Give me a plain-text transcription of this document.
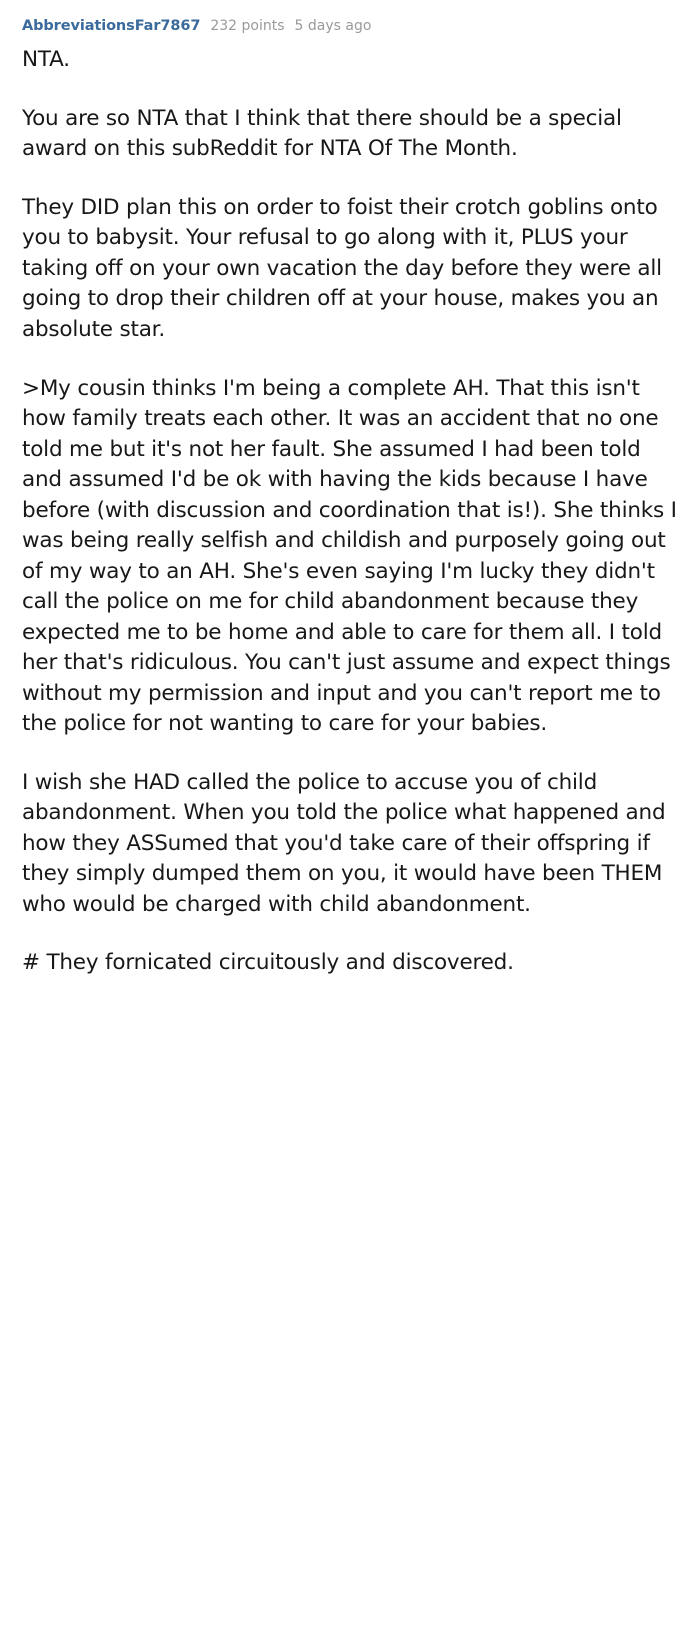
AbbreviationsFar7867 232 points 5 days ago

NTA.

You are so NTA that I think that there should be a special award on this subReddit for NTA Of The Month.

They DID plan this on order to foist their crotch goblins onto you to babysit. Your refusal to go along with it, PLUS your taking off on your own vacation the day before they were all going to drop their children off at your house, makes you an absolute star.

>My cousin thinks I'm being a complete AH. That this isn't how family treats each other. It was an accident that no one told me but it's not her fault. She assumed I had been told and assumed I'd be ok with having the kids because I have before (with discussion and coordination that is!). She thinks I was being really selfish and childish and purposely going out of my way to an AH. She's even saying I'm lucky they didn't call the police on me for child abandonment because they expected me to be home and able to care for them all. I told her that's ridiculous. You can't just assume and expect things without my permission and input and you can't report me to the police for not wanting to care for your babies.

I wish she HAD called the police to accuse you of child abandonment. When you told the police what happened and how they ASSumed that you'd take care of their offspring if they simply dumped them on you, it would have been THEM who would be charged with child abandonment.

# They fornicated circuitously and discovered.
